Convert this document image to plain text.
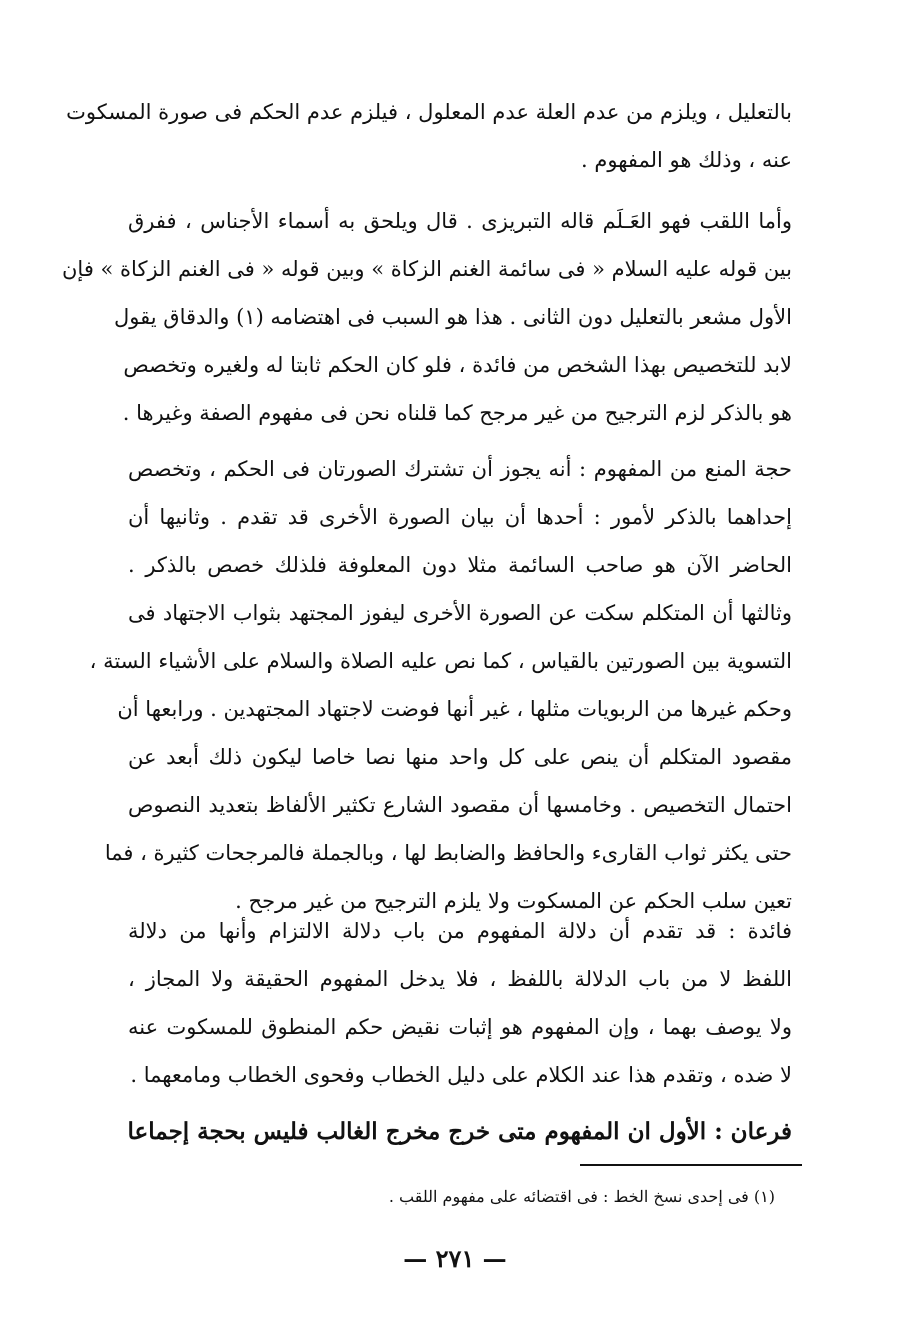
بالتعليل ، ويلزم من عدم العلة عدم المعلول ، فيلزم عدم الحكم فى صورة المسكوت
عنه ، وذلك هو المفهوم .
وأما اللقب فهو العَـلَم قاله التبريزى . قال ويلحق به أسماء الأجناس ، ففرق
بين قوله عليه السلام « فى سائمة الغنم الزكاة » وبين قوله « فى الغنم الزكاة » فإن
الأول مشعر بالتعليل دون الثانى . هذا هو السبب فى اهتضامه (١) والدقاق يقول
لابد للتخصيص بهذا الشخص من فائدة ، فلو كان الحكم ثابتا له ولغيره وتخصص
هو بالذكر لزم الترجيح من غير مرجح كما قلناه نحن فى مفهوم الصفة وغيرها .
حجة المنع من المفهوم : أنه يجوز أن تشترك الصورتان فى الحكم ، وتخصص
إحداهما بالذكر لأمور : أحدها أن بيان الصورة الأخرى قد تقدم . وثانيها أن
الحاضر الآن هو صاحب السائمة مثلا دون المعلوفة فلذلك خصص بالذكر .
وثالثها أن المتكلم سكت عن الصورة الأخرى ليفوز المجتهد بثواب الاجتهاد فى
التسوية بين الصورتين بالقياس ، كما نص عليه الصلاة والسلام على الأشياء الستة ،
وحكم غيرها من الربويات مثلها ، غير أنها فوضت لاجتهاد المجتهدين . ورابعها أن
مقصود المتكلم أن ينص على كل واحد منها نصا خاصا ليكون ذلك أبعد عن
احتمال التخصيص . وخامسها أن مقصود الشارع تكثير الألفاظ بتعديد النصوص
حتى يكثر ثواب القارىء والحافظ والضابط لها ، وبالجملة فالمرجحات كثيرة ، فما
تعين سلب الحكم عن المسكوت ولا يلزم الترجيح من غير مرجح .
فائدة : قد تقدم أن دلالة المفهوم من باب دلالة الالتزام وأنها من دلالة
اللفظ لا من باب الدلالة باللفظ ، فلا يدخل المفهوم الحقيقة ولا المجاز ،
ولا يوصف بهما ، وإن المفهوم هو إثبات نقيض حكم المنطوق للمسكوت عنه
لا ضده ، وتقدم هذا عند الكلام على دليل الخطاب وفحوى الخطاب ومامعهما .
فرعان : الأول ان المفهوم متى خرج مخرج الغالب فليس بحجة إجماعا
(١) فى إحدى نسخ الخط : فى اقتضائه على مفهوم اللقب .
— ٢٧١ —
